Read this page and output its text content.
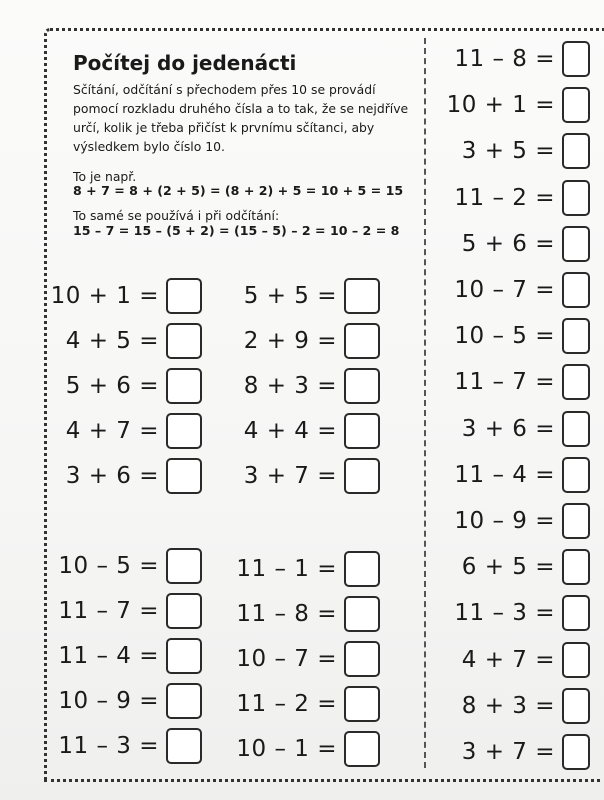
Počítej do jedenácti

Sčítání, odčítání s přechodem přes 10 se provádí pomocí rozkladu druhého čísla a to tak, že se nejdříve určí, kolik je třeba přičíst k prvnímu sčítanci, aby výsledkem bylo číslo 10.

To je např.

8 + 7 = 8 + (2 + 5) = (8 + 2) + 5 = 10 + 5 = 15

To samé se používá i při odčítání:

15 – 7 = 15 – (5 + 2) = (15 – 5) – 2 = 10 – 2 = 8

10 + 1 =
4 + 5 =
5 + 6 =
4 + 7 =
3 + 6 =
5 + 5 =
2 + 9 =
8 + 3 =
4 + 4 =
3 + 7 =
10 – 5 =
11 – 7 =
11 – 4 =
10 – 9 =
11 – 3 =
11 – 1 =
11 – 8 =
10 – 7 =
11 – 2 =
10 – 1 =
11 – 8 =
10 + 1 =
3 + 5 =
11 – 2 =
5 + 6 =
10 – 7 =
10 – 5 =
11 – 7 =
3 + 6 =
11 – 4 =
10 – 9 =
6 + 5 =
11 – 3 =
4 + 7 =
8 + 3 =
3 + 7 =
